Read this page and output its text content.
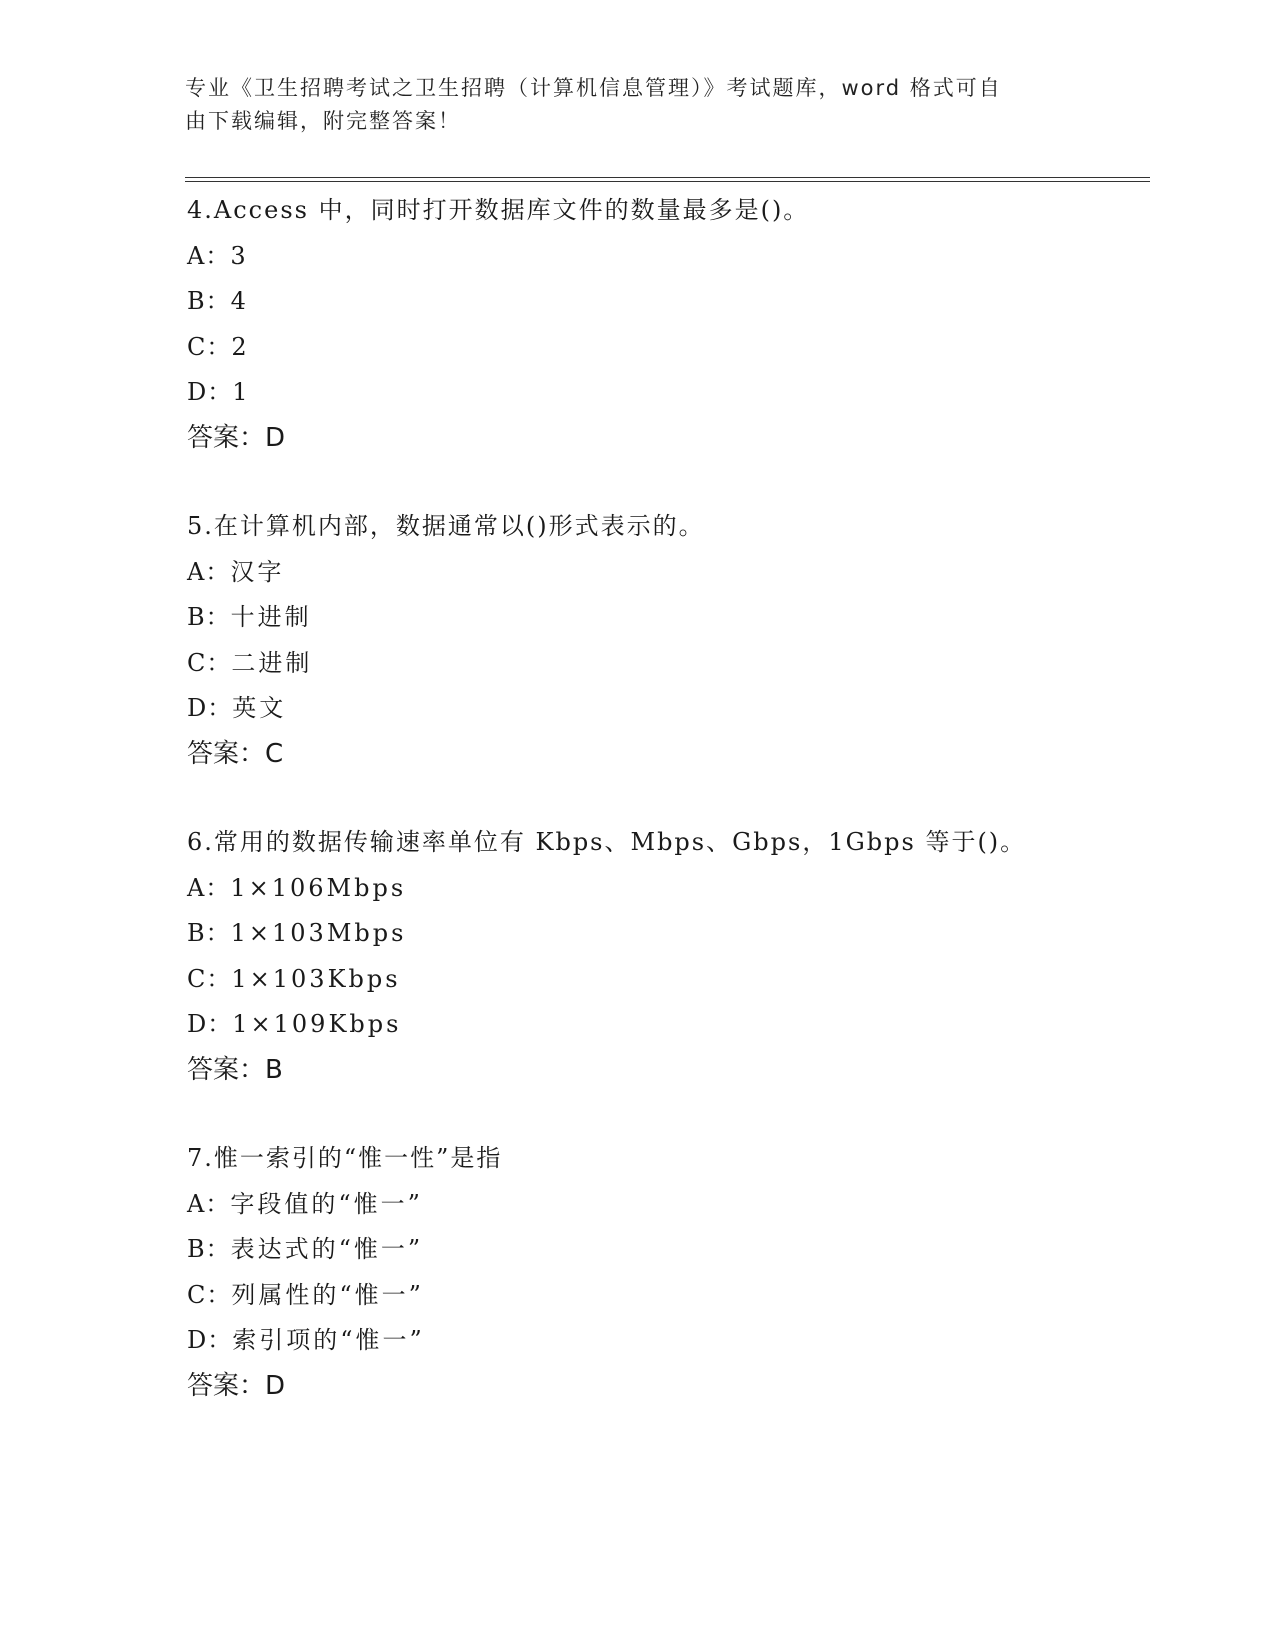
专业《卫生招聘考试之卫生招聘（计算机信息管理）》考试题库，word 格式可自
由下载编辑，附完整答案！
4.Access 中，同时打开数据库文件的数量最多是()。
A：3
B：4
C：2
D：1
答案：D
5.在计算机内部，数据通常以()形式表示的。
A：汉字
B：十进制
C：二进制
D：英文
答案：C
6.常用的数据传输速率单位有 Kbps、Mbps、Gbps，1Gbps 等于()。
A：1×106Mbps
B：1×103Mbps
C：1×103Kbps
D：1×109Kbps
答案：B
7.惟一索引的“惟一性”是指
A：字段值的“惟一”
B：表达式的“惟一”
C：列属性的“惟一”
D：索引项的“惟一”
答案：D
